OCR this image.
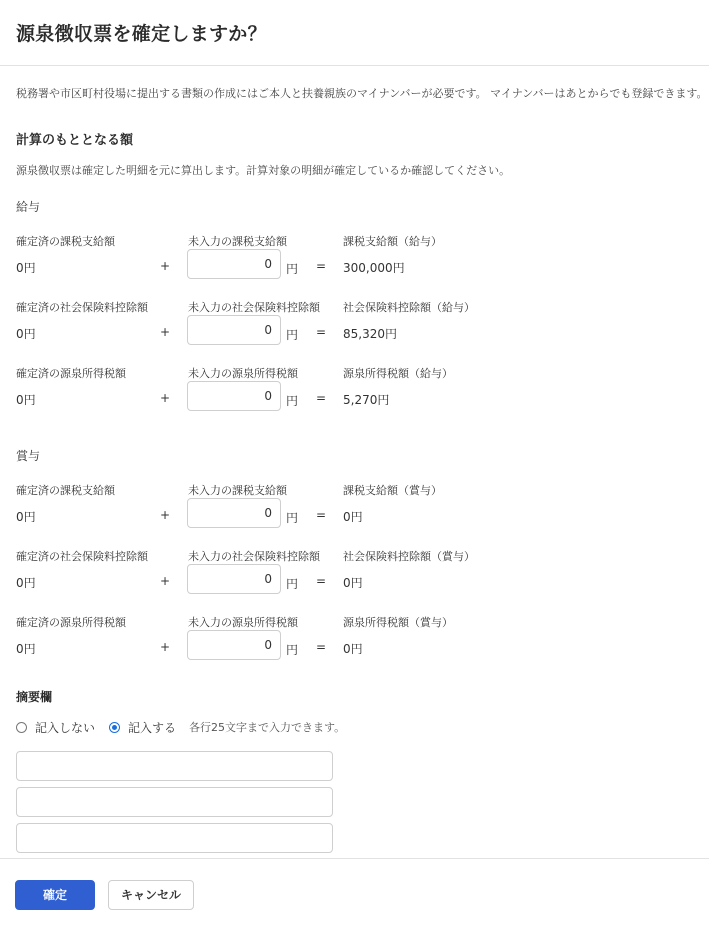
源泉徴収票を確定しますか？
税務署や市区町村役場に提出する書類の作成にはご本人と扶養親族のマイナンバーが必要です。 マイナンバーはあとからでも登録できます。
計算のもととなる額
源泉徴収票は確定した明細を元に算出します。計算対象の明細が確定しているか確認してください。
給与
確定済の課税支給額	未入力の課税支給額	課税支給額（給与）
0円	+	0	円 = 300,000円
確定済の社会保険料控除額	未入力の社会保険料控除額 社会保険料控除額（給与）
0円	+	0	円 = 85,320円
確定済の源泉所得税額	未入力の源泉所得税額	源泉所得税額（給与）
0円	+	0	円 = 5,270円
賞与
確定済の課税支給額	未入力の課税支給額	課税支給額（賞与）
0円	+	0	円 = 0円
確定済の社会保険料控除額	未入力の社会保険料控除額 社会保険料控除額（賞与）
0円	+	0	円 = 0円
確定済の源泉所得税額	未入力の源泉所得税額	源泉所得税額（賞与）
0円	+	0	円 = 0円
摘要欄
記入しない	記入する 各行25文字まで入力できます。
確定	キャンセル
